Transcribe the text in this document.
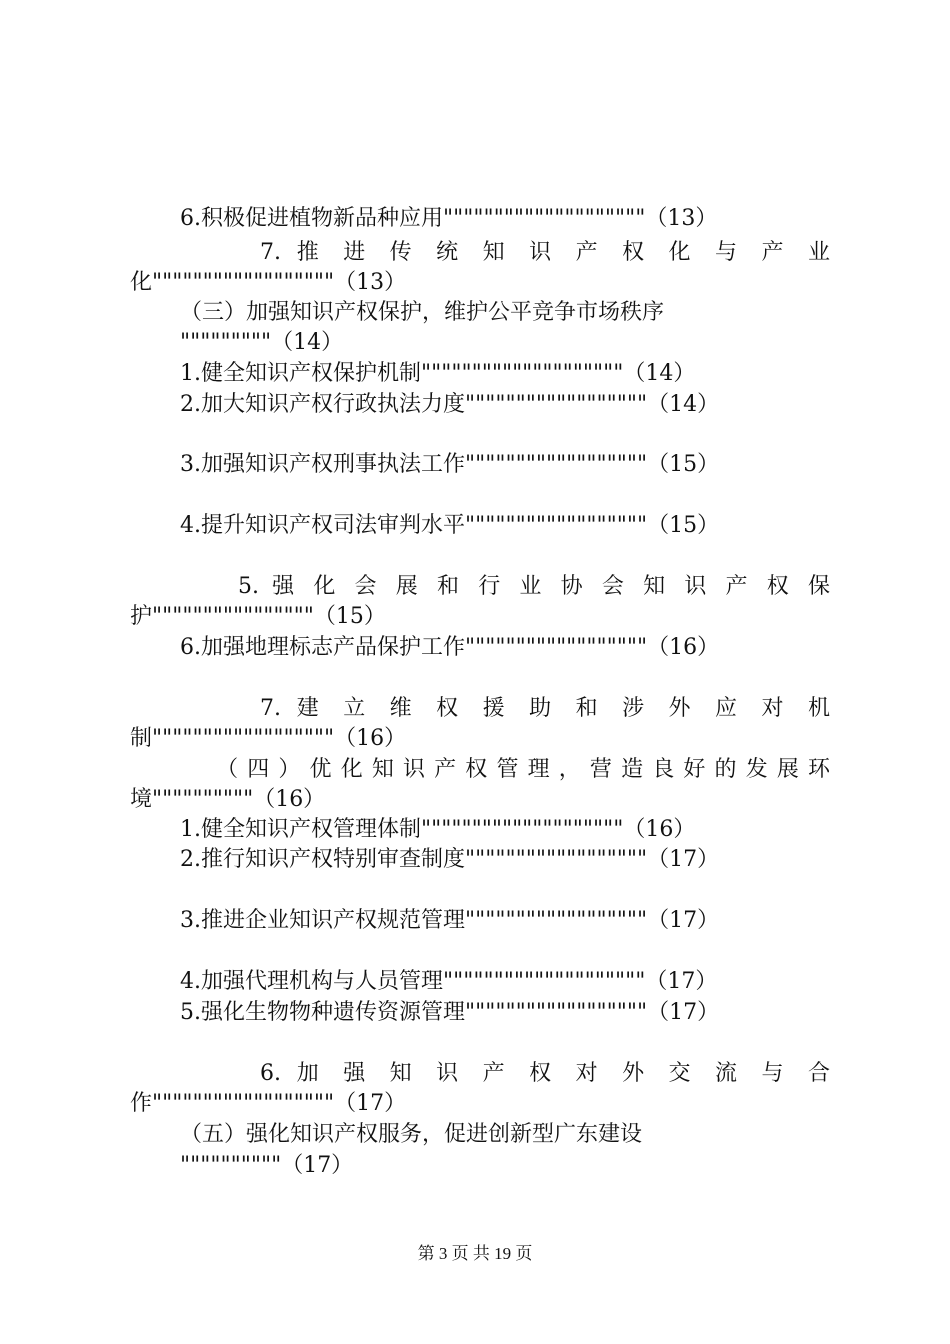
6.积极促进植物新品种应用""""""""""""""""""""（13）
7. 推 进 传 统 知 识 产 权 化 与 产 业 化""""""""""""""""""（13）
（三）加强知识产权保护，维护公平竞争市场秩序
"""""""""（14）
1.健全知识产权保护机制""""""""""""""""""""（14）
2.加大知识产权行政执法力度""""""""""""""""""（14）
3.加强知识产权刑事执法工作""""""""""""""""""（15）
4.提升知识产权司法审判水平""""""""""""""""""（15）
5. 强 化 会 展 和 行 业 协 会 知 识 产 权 保 护""""""""""""""""（15）
6.加强地理标志产品保护工作""""""""""""""""""（16）
7. 建 立 维 权 援 助 和 涉 外 应 对 机 制""""""""""""""""""（16）
（ 四 ） 优 化 知 识 产 权 管 理 ， 营 造 良 好 的 发 展 环 境""""""""""（16）
1.健全知识产权管理体制""""""""""""""""""""（16）
2.推行知识产权特别审查制度""""""""""""""""""（17）
3.推进企业知识产权规范管理""""""""""""""""""（17）
4.加强代理机构与人员管理""""""""""""""""""""（17）
5.强化生物物种遗传资源管理""""""""""""""""""（17）
6. 加 强 知 识 产 权 对 外 交 流 与 合 作""""""""""""""""""（17）
（五）强化知识产权服务，促进创新型广东建设
""""""""""（17）
第 3 页 共 19 页
